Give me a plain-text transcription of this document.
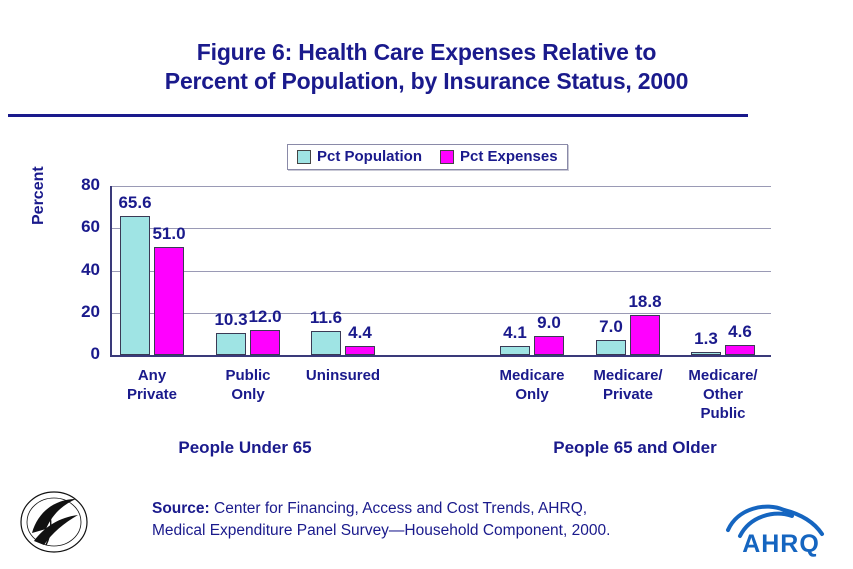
Figure 6: Health Care Expenses Relative to
Percent of Population, by Insurance Status, 2000
Pct Population	Pct Expenses
Percent
0
20
40
60
80
65.6
51.0
10.3 12.0	11.6
4.4	4.1
9.0	7.0
18.8
1.3 4.6
Any
Private
Public
Only
Uninsured	Medicare
Only
Medicare/
Private
Medicare/
Other
Public
People Under 65	People 65 and Older
Source: Center for Financing, Access and Cost Trends, AHRQ,
Medical Expenditure Panel Survey—Household Component, 2000.	AHRQ
